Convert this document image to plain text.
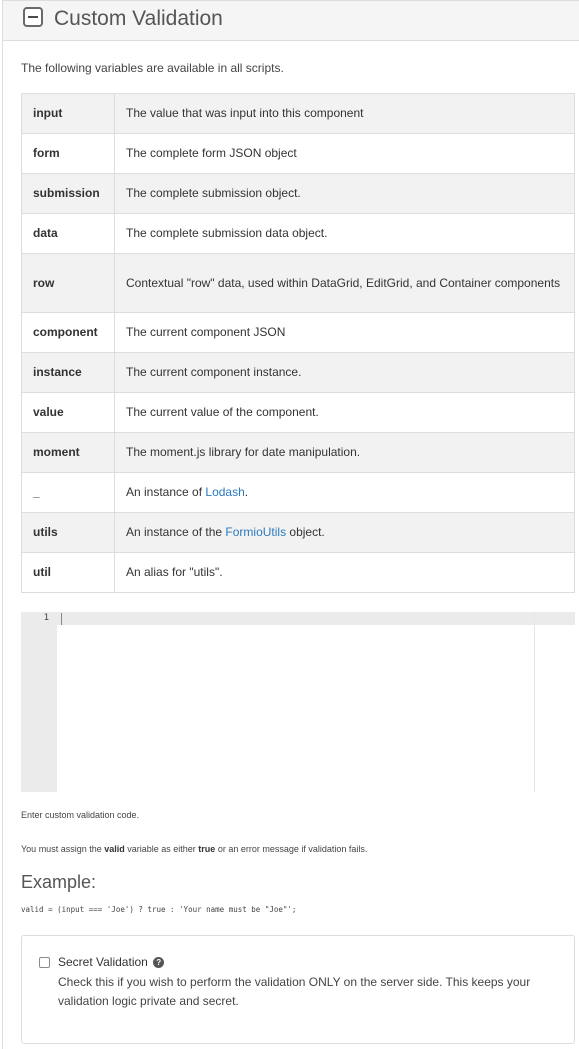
Custom Validation

The following variables are available in all scripts.

input	The value that was input into this component
form	The complete form JSON object
submission	The complete submission object.
data	The complete submission data object.
row	Contextual "row" data, used within DataGrid, EditGrid, and Container components
component	The current component JSON
instance	The current component instance.
value	The current value of the component.
moment	The moment.js library for date manipulation.
_	An instance of Lodash.
utils	An instance of the FormioUtils object.
util	An alias for "utils".
1
Enter custom validation code.
You must assign the valid variable as either true or an error message if validation fails.
Example:
valid = (input === 'Joe') ? true : 'Your name must be "Joe"';
Secret Validation ?
Check this if you wish to perform the validation ONLY on the server side. This keeps your validation logic private and secret.
